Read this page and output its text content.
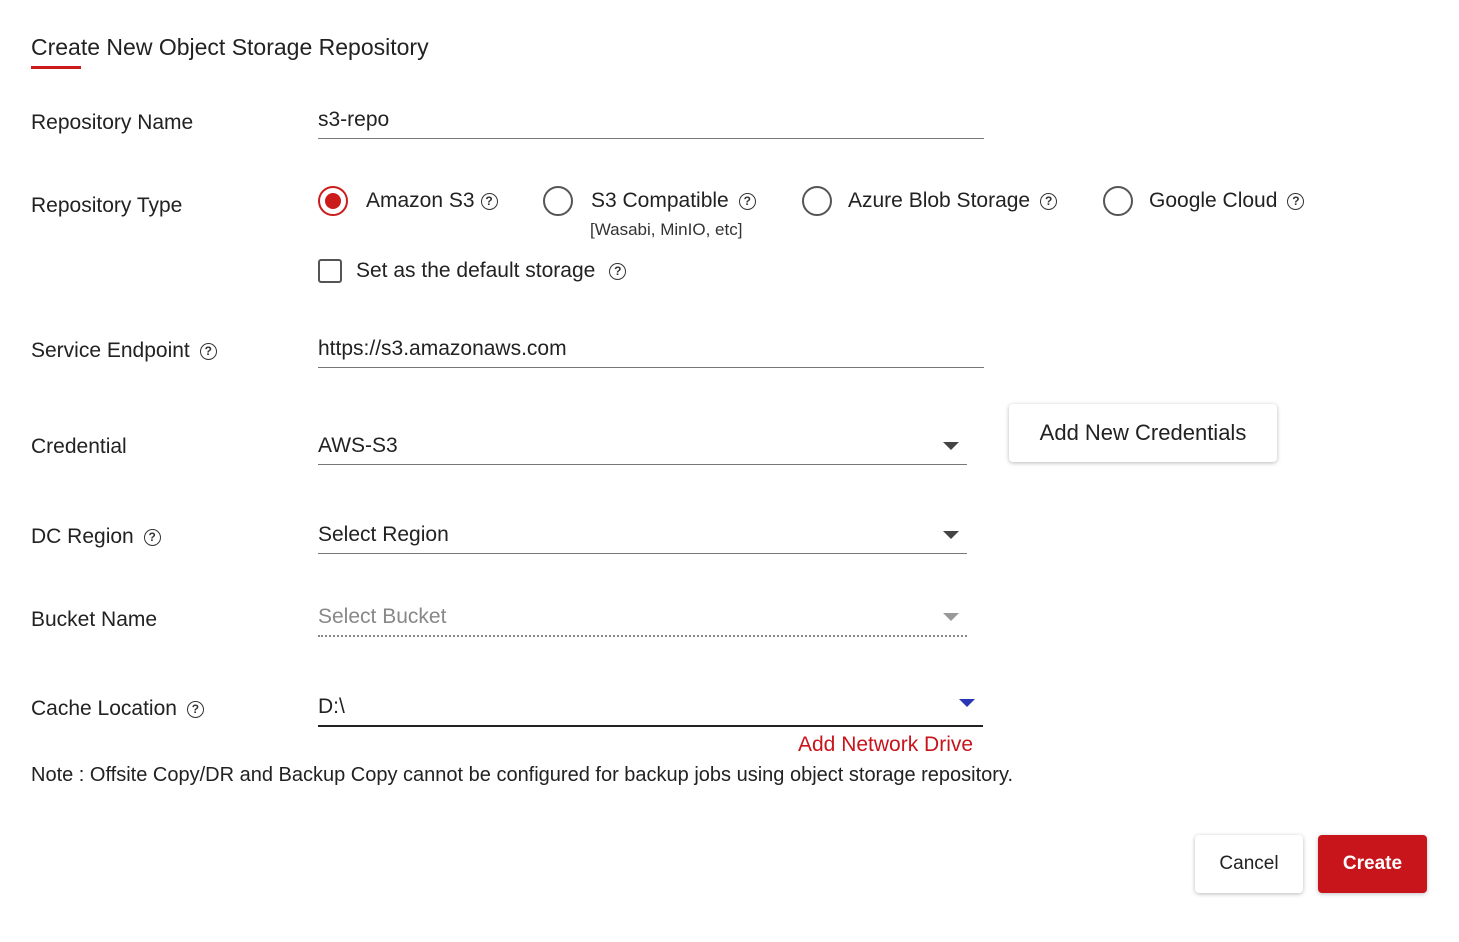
Create New Object Storage Repository
Repository Name	s3-repo
Repository Type	Amazon S3 ?	S3 Compatible	?
[Wasabi, MinIO, etc]
Azure Blob Storage	?	Google Cloud	?
Set as the default storage	?
Service Endpoint	?	https://s3.amazonaws.com
Credential	AWS-S3
Add New Credentials
DC Region	?	Select Region
Bucket Name	Select Bucket
Cache Location	?	D:\
Add Network Drive
Note : Offsite Copy/DR and Backup Copy cannot be configured for backup jobs using object storage repository.
Cancel	Create
